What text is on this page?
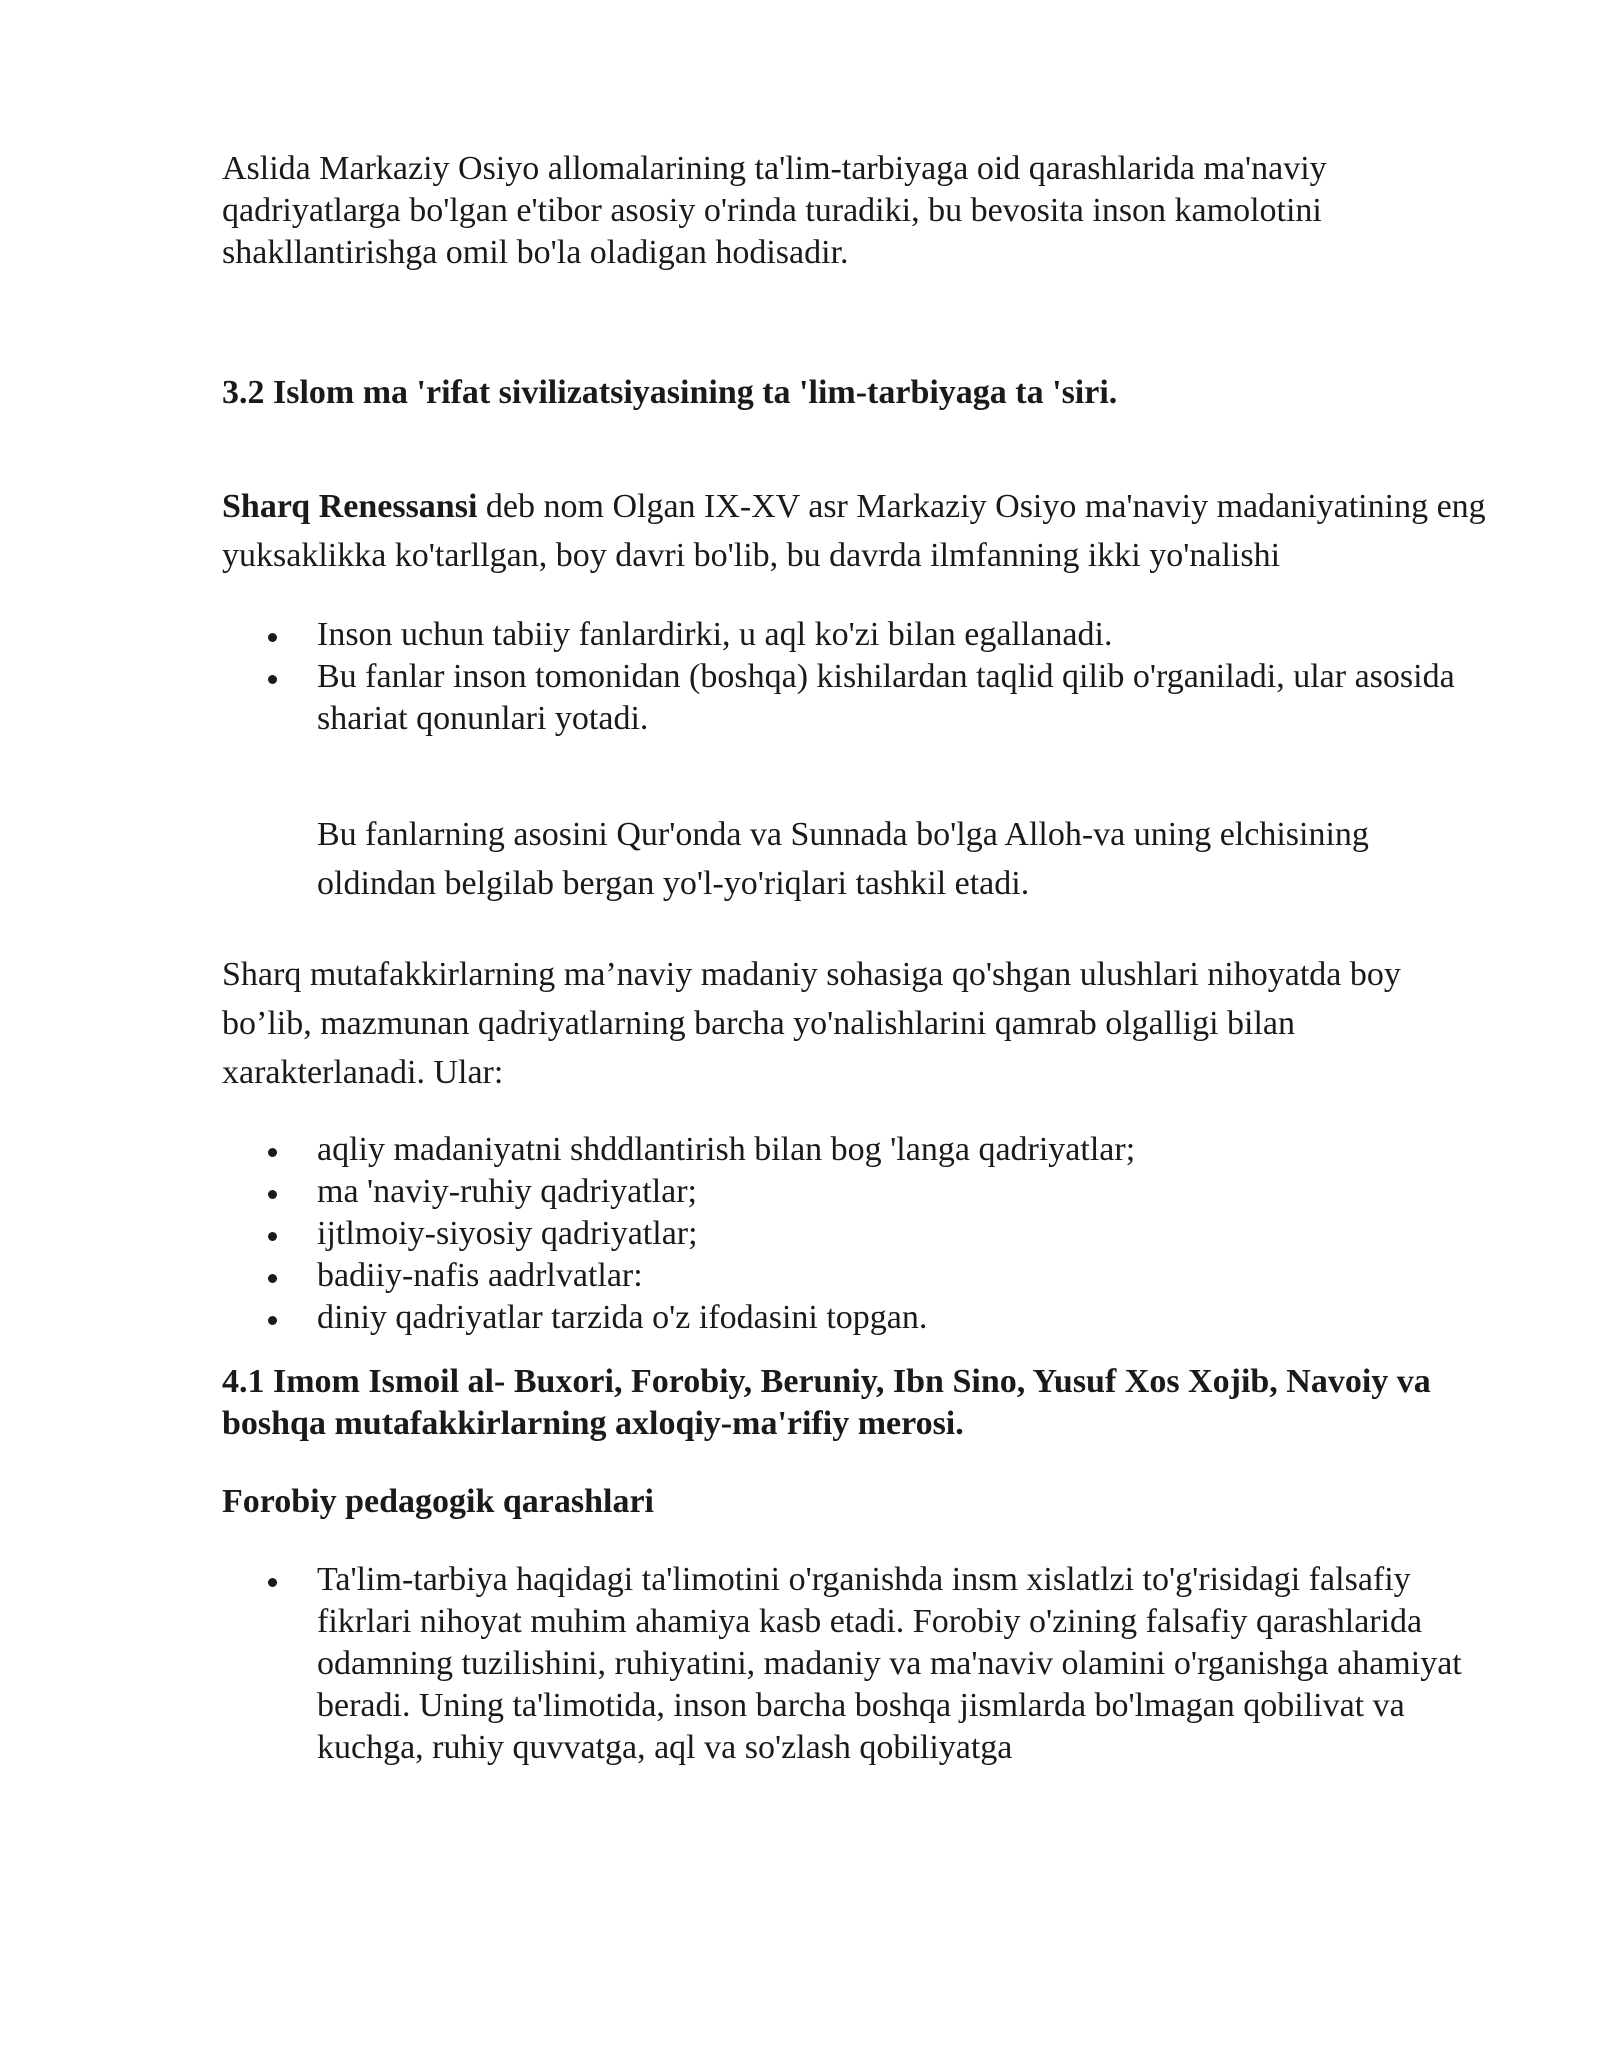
Aslida Markaziy Osiyo allomalarining ta'lim-tarbiyaga oid qarashlarida ma'naviy qadriyatlarga bo'lgan e'tibor asosiy o'rinda turadiki, bu bevosita inson kamolotini shakllantirishga omil bo'la oladigan hodisadir.

3.2 Islom ma 'rifat sivilizatsiyasining ta 'lim-tarbiyaga ta 'siri.

Sharq Renessansi deb nom Olgan IX-XV asr Markaziy Osiyo ma'naviy madaniyatining eng yuksaklikka ko'tarllgan, boy davri bo'lib, bu davrda ilmfanning ikki yo'nalishi

Inson uchun tabiiy fanlardirki, u aql ko'zi bilan egallanadi.
Bu fanlar inson tomonidan (boshqa) kishilardan taqlid qilib o'rganiladi, ular asosida shariat qonunlari yotadi.

Bu fanlarning asosini Qur'onda va Sunnada bo'lga Alloh-va uning elchisining oldindan belgilab bergan yo'l-yo'riqlari tashkil etadi.

Sharq mutafakkirlarning ma’naviy madaniy sohasiga qo'shgan ulushlari nihoyatda boy bo’lib, mazmunan qadriyatlarning barcha yo'nalishlarini qamrab olgalligi bilan xarakterlanadi. Ular:

aqliy madaniyatni shddlantirish bilan bog 'langa qadriyatlar;
ma 'naviy-ruhiy qadriyatlar;
ijtlmoiy-siyosiy qadriyatlar;
badiiy-nafis aadrlvatlar:
diniy qadriyatlar tarzida o'z ifodasini topgan.
4.1 Imom Ismoil al- Buxori, Forobiy, Beruniy, Ibn Sino, Yusuf Xos Xojib, Navoiy va boshqa mutafakkirlarning axloqiy-ma'rifiy merosi.
Forobiy pedagogik qarashlari
Ta'lim-tarbiya haqidagi ta'limotini o'rganishda insm xislatlzi to'g'risidagi falsafiy fikrlari nihoyat muhim ahamiya kasb etadi. Forobiy o'zining falsafiy qarashlarida odamning tuzilishini, ruhiyatini, madaniy va ma'naviv olamini o'rganishga ahamiyat beradi. Uning ta'limotida, inson barcha boshqa jismlarda bo'lmagan qobilivat va kuchga, ruhiy quvvatga, aql va so'zlash qobiliyatga
